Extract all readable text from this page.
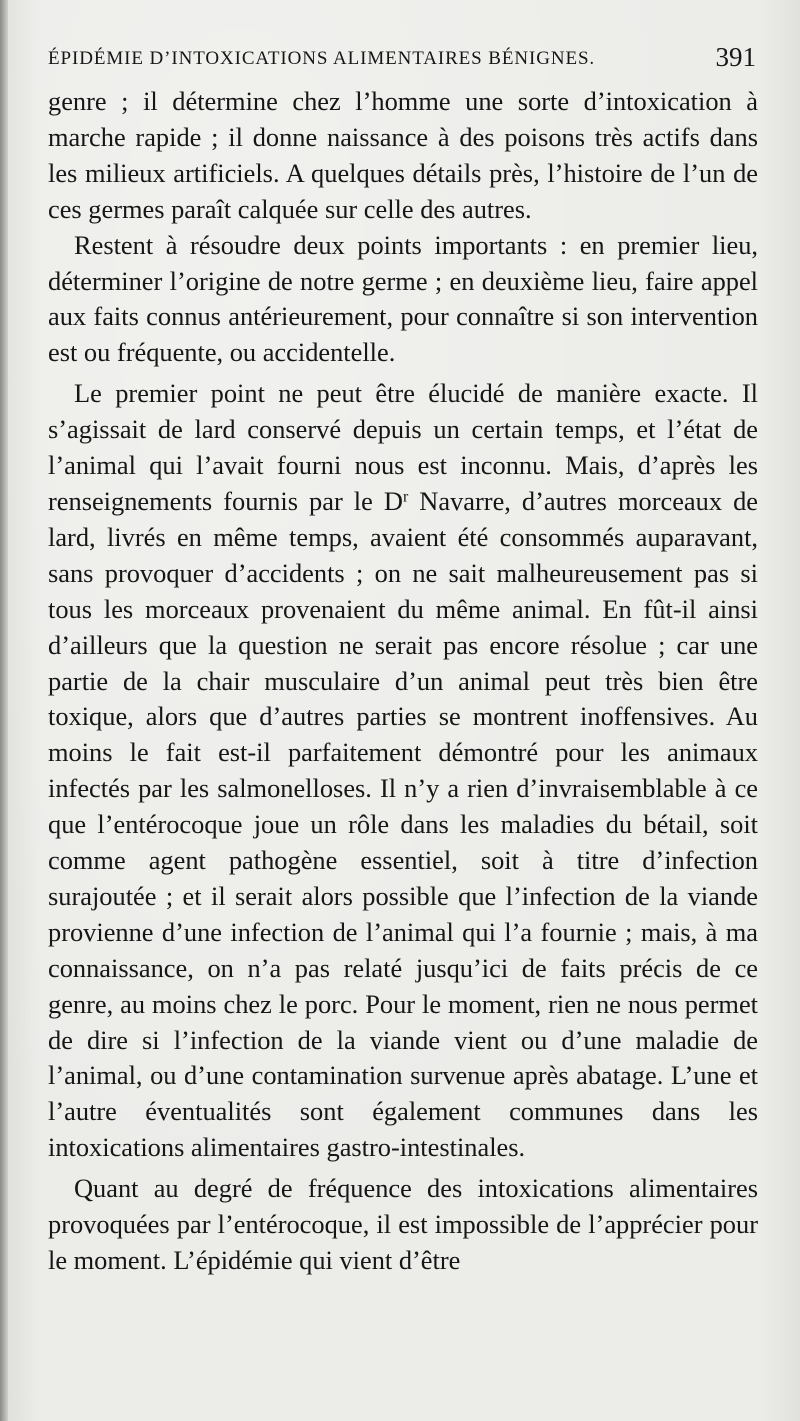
ÉPIDÉMIE D’INTOXICATIONS ALIMENTAIRES BÉNIGNES.	391

genre ; il détermine chez l’homme une sorte d’intoxication à marche rapide ; il donne naissance à des poisons très actifs dans les milieux artificiels. A quelques détails près, l’histoire de l’un de ces germes paraît calquée sur celle des autres.

Restent à résoudre deux points importants : en premier lieu, déterminer l’origine de notre germe ; en deuxième lieu, faire appel aux faits connus antérieurement, pour connaître si son intervention est ou fréquente, ou accidentelle.

Le premier point ne peut être élucidé de manière exacte. Il s’agissait de lard conservé depuis un certain temps, et l’état de l’animal qui l’avait fourni nous est inconnu. Mais, d’après les renseignements fournis par le $D^r$ Navarre, d’autres morceaux de lard, livrés en même temps, avaient été consommés auparavant, sans provoquer d’accidents ; on ne sait malheureusement pas si tous les morceaux provenaient du même animal. En fût-il ainsi d’ailleurs que la question ne serait pas encore résolue ; car une partie de la chair musculaire d’un animal peut très bien être toxique, alors que d’autres parties se montrent inoffensives. Au moins le fait est-il parfaitement démontré pour les animaux infectés par les salmonelloses. Il n’y a rien d’invraisemblable à ce que l’entérocoque joue un rôle dans les maladies du bétail, soit comme agent pathogène essentiel, soit à titre d’infection surajoutée ; et il serait alors possible que l’infection de la viande provienne d’une infection de l’animal qui l’a fournie ; mais, à ma connaissance, on n’a pas relaté jusqu’ici de faits précis de ce genre, au moins chez le porc. Pour le moment, rien ne nous permet de dire si l’infection de la viande vient ou d’une maladie de l’animal, ou d’une contamination survenue après abatage. L’une et l’autre éventualités sont également communes dans les intoxications alimentaires gastro-intestinales.

Quant au degré de fréquence des intoxications alimentaires provoquées par l’entérocoque, il est impossible de l’apprécier pour le moment. L’épidémie qui vient d’être
